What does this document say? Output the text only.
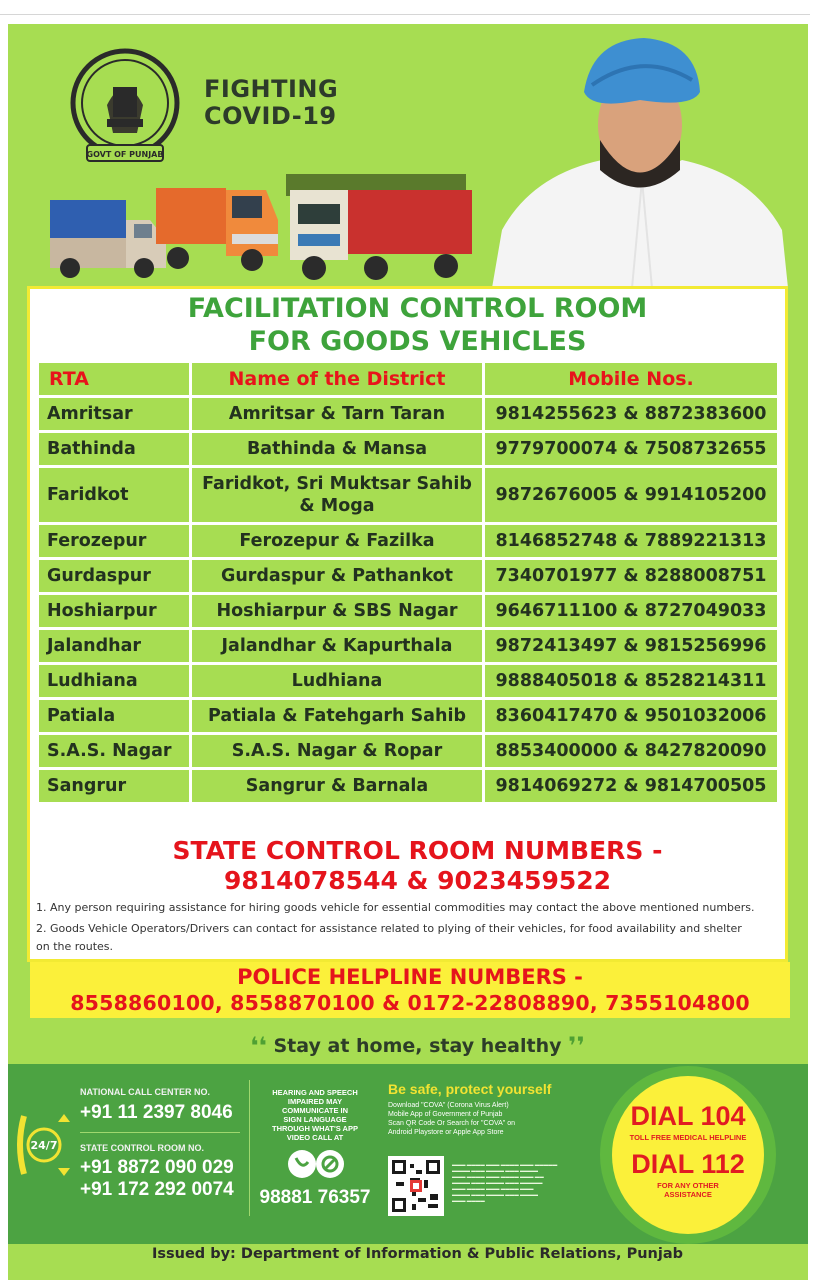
GOVT OF PUNJAB
FIGHTING
COVID-19
FACILITATION CONTROL ROOM
FOR GOODS VEHICLES
RTA	Name of the District	Mobile Nos.
Amritsar	Amritsar & Tarn Taran	9814255623 & 8872383600
Bathinda	Bathinda & Mansa	9779700074 & 7508732655
Faridkot	Faridkot, Sri Muktsar Sahib & Moga	9872676005 & 9914105200
Ferozepur	Ferozepur & Fazilka	8146852748 & 7889221313
Gurdaspur	Gurdaspur & Pathankot	7340701977 & 8288008751
Hoshiarpur	Hoshiarpur & SBS Nagar	9646711100 & 8727049033
Jalandhar	Jalandhar & Kapurthala	9872413497 & 9815256996
Ludhiana	Ludhiana	9888405018 & 8528214311
Patiala	Patiala & Fatehgarh Sahib	8360417470 & 9501032006
S.A.S. Nagar	S.A.S. Nagar & Ropar	8853400000 & 8427820090
Sangrur	Sangrur & Barnala	9814069272 & 9814700505
STATE CONTROL ROOM NUMBERS -
9814078544 & 9023459522
1. Any person requiring assistance for hiring goods vehicle for essential commodities may contact the above mentioned numbers.
2. Goods Vehicle Operators/Drivers can contact for assistance related to plying of their vehicles, for food availability and shelter
on the routes.
POLICE HELPLINE NUMBERS -
8558860100, 8558870100 & 0172-22808890, 7355104800
❛❛ Stay at home, stay healthy ❜❜
24/7
NATIONAL CALL CENTER NO.
+91 11 2397 8046
STATE CONTROL ROOM NO.
+91 8872 090 029
+91 172 292 0074
HEARING AND SPEECH
IMPAIRED MAY
COMMUNICATE IN
SIGN LANGUAGE
THROUGH WHAT'S APP
VIDEO CALL AT
98881 76357
Be safe, protect yourself
Download "COVA" (Corona Virus Alert)
Mobile App of Government of Punjab
Scan QR Code Or Search for "COVA" on
Android Playstore or Apple App Store
▬▬▬ ▬▬▬▬ ▬▬▬ ▬▬▬▬ ▬▬▬ ▬▬▬▬▬
▬▬▬▬ ▬▬▬ ▬▬▬▬ ▬▬▬ ▬▬▬▬
▬▬▬ ▬▬▬▬ ▬▬▬ ▬▬▬▬ ▬▬▬ ▬▬
▬▬▬▬ ▬▬▬ ▬▬▬▬ ▬▬▬ ▬▬▬▬▬
▬▬▬ ▬▬▬▬ ▬▬▬ ▬▬▬▬ ▬▬▬
▬▬▬▬ ▬▬▬ ▬▬▬▬ ▬▬▬ ▬▬▬▬
▬▬▬ ▬▬▬▬
DIAL 104
TOLL FREE MEDICAL HELPLINE
DIAL 112
FOR ANY OTHER
ASSISTANCE
Issued by: Department of Information & Public Relations, Punjab
